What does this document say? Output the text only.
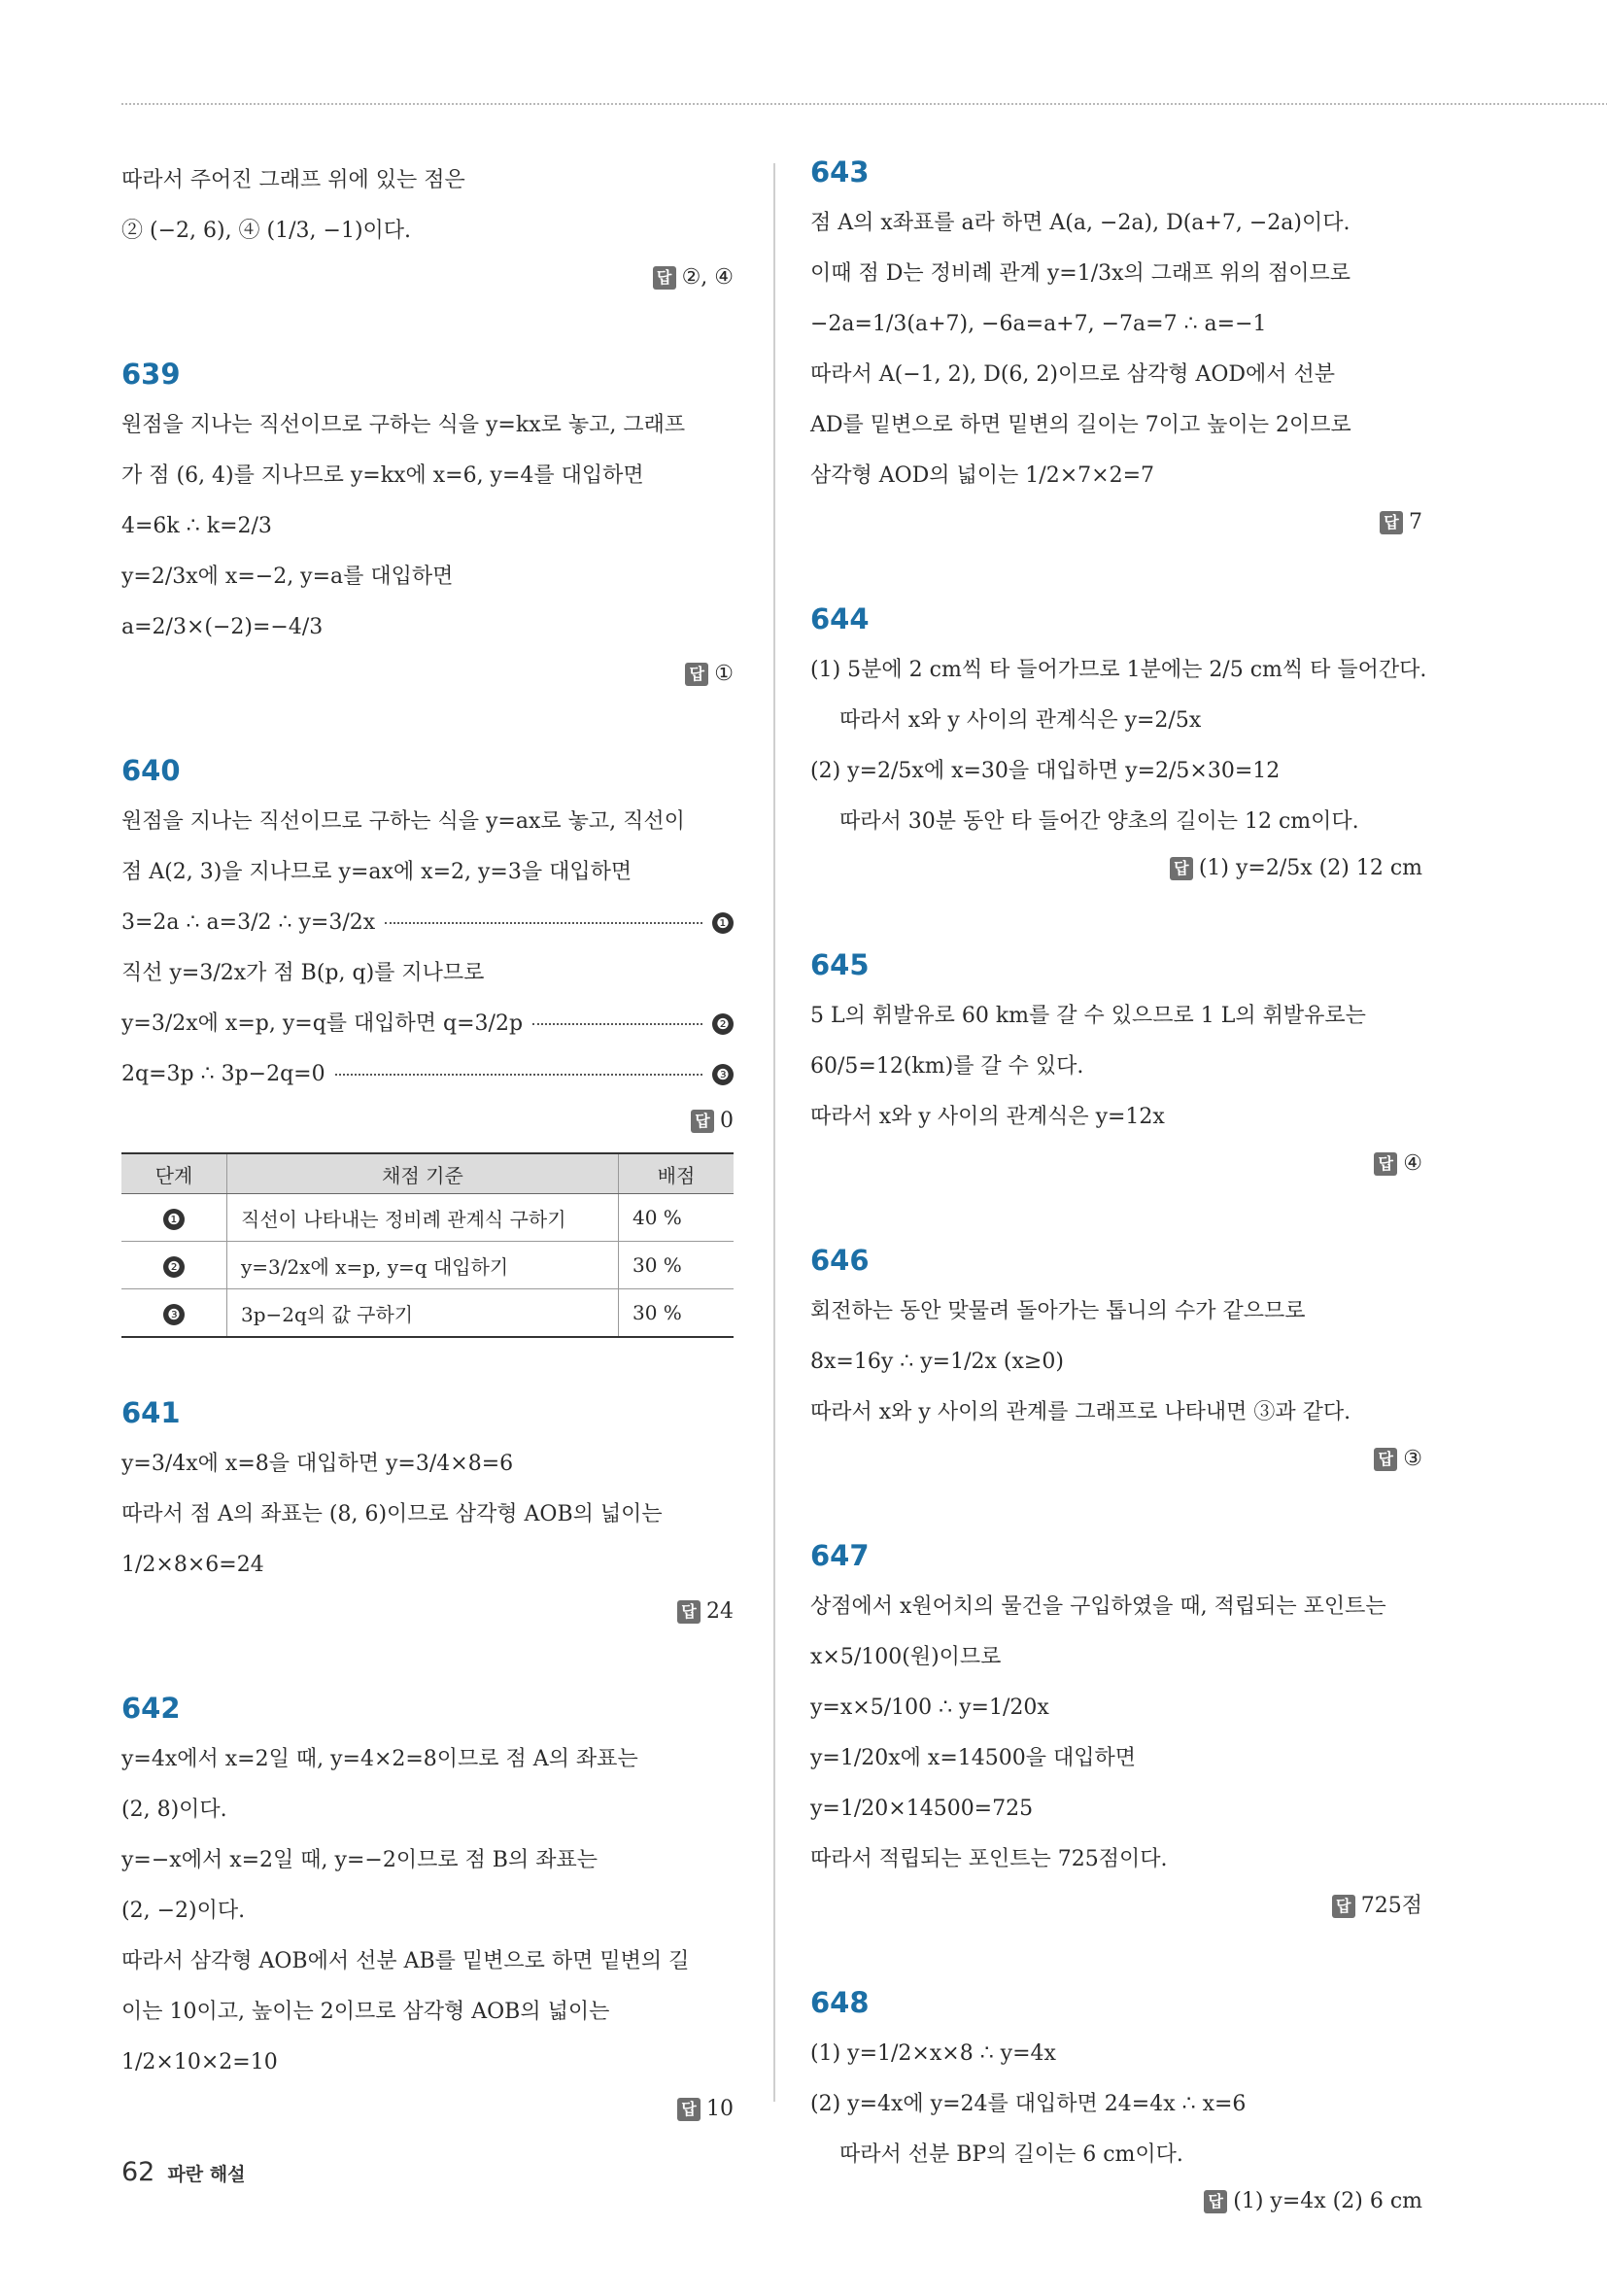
따라서 주어진 그래프 위에 있는 점은
② (−2, 6), ④ (1/3, −1)이다.
답 ②, ④
639
원점을 지나는 직선이므로 구하는 식을 y=kx로 놓고, 그래프
가 점 (6, 4)를 지나므로 y=kx에 x=6, y=4를 대입하면
4=6k ∴ k=2/3
y=2/3x에 x=−2, y=a를 대입하면
a=2/3×(−2)=−4/3
답 ①
640
원점을 지나는 직선이므로 구하는 식을 y=ax로 놓고, 직선이
점 A(2, 3)을 지나므로 y=ax에 x=2, y=3을 대입하면
3=2a ∴ a=3/2 ∴ y=3/2x	❶
직선 y=3/2x가 점 B(p, q)를 지나므로
y=3/2x에 x=p, y=q를 대입하면 q=3/2p	❷
2q=3p ∴ 3p−2q=0	❸
답 0
단계	채점 기준	배점
❶	직선이 나타내는 정비례 관계식 구하기	40 %
❷	y=3/2x에 x=p, y=q 대입하기	30 %
❸	3p−2q의 값 구하기	30 %
641
y=3/4x에 x=8을 대입하면 y=3/4×8=6
따라서 점 A의 좌표는 (8, 6)이므로 삼각형 AOB의 넓이는
1/2×8×6=24
답 24
642
y=4x에서 x=2일 때, y=4×2=8이므로 점 A의 좌표는
(2, 8)이다.
y=−x에서 x=2일 때, y=−2이므로 점 B의 좌표는
(2, −2)이다.
따라서 삼각형 AOB에서 선분 AB를 밑변으로 하면 밑변의 길
이는 10이고, 높이는 2이므로 삼각형 AOB의 넓이는
1/2×10×2=10
답 10
643
점 A의 x좌표를 a라 하면 A(a, −2a), D(a+7, −2a)이다.
이때 점 D는 정비례 관계 y=1/3x의 그래프 위의 점이므로
−2a=1/3(a+7), −6a=a+7, −7a=7 ∴ a=−1
따라서 A(−1, 2), D(6, 2)이므로 삼각형 AOD에서 선분
AD를 밑변으로 하면 밑변의 길이는 7이고 높이는 2이므로
삼각형 AOD의 넓이는 1/2×7×2=7
답 7
644
(1) 5분에 2 cm씩 타 들어가므로 1분에는 2/5 cm씩 타 들어간다.
따라서 x와 y 사이의 관계식은 y=2/5x
(2) y=2/5x에 x=30을 대입하면 y=2/5×30=12
따라서 30분 동안 타 들어간 양초의 길이는 12 cm이다.
답 (1) y=2/5x (2) 12 cm
645
5 L의 휘발유로 60 km를 갈 수 있으므로 1 L의 휘발유로는
60/5=12(km)를 갈 수 있다.
따라서 x와 y 사이의 관계식은 y=12x
답 ④
646
회전하는 동안 맞물려 돌아가는 톱니의 수가 같으므로
8x=16y ∴ y=1/2x (x≥0)
따라서 x와 y 사이의 관계를 그래프로 나타내면 ③과 같다.
답 ③
647
상점에서 x원어치의 물건을 구입하였을 때, 적립되는 포인트는
x×5/100(원)이므로
y=x×5/100 ∴ y=1/20x
y=1/20x에 x=14500을 대입하면
y=1/20×14500=725
따라서 적립되는 포인트는 725점이다.
답 725점
648
(1) y=1/2×x×8 ∴ y=4x
(2) y=4x에 y=24를 대입하면 24=4x ∴ x=6
따라서 선분 BP의 길이는 6 cm이다.
답 (1) y=4x (2) 6 cm
62 파란 해설
